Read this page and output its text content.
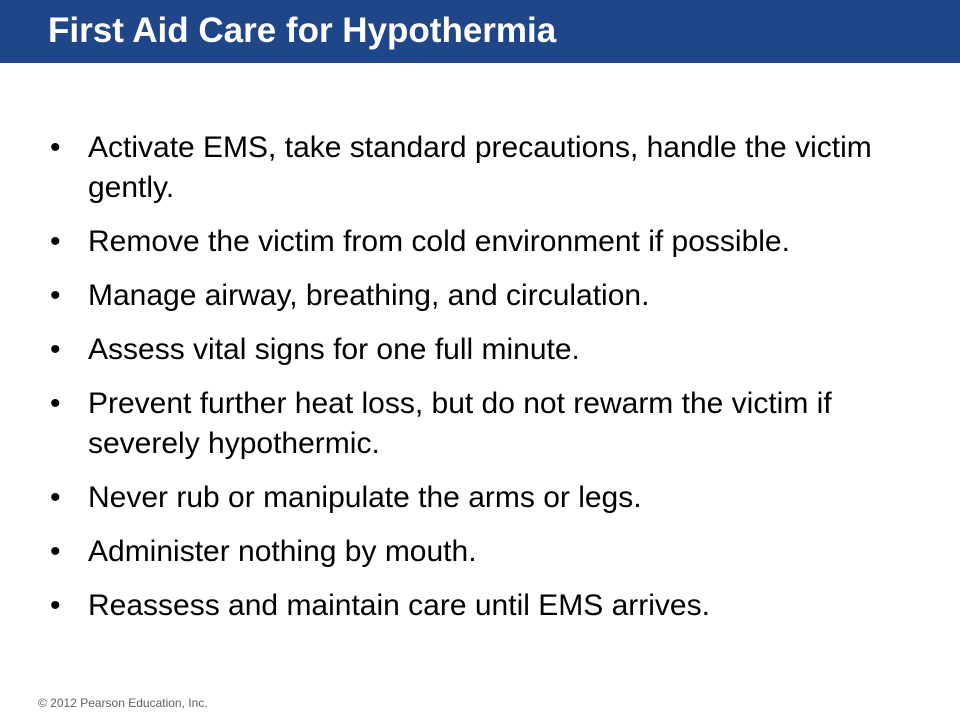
First Aid Care for Hypothermia
• Activate EMS, take standard precautions, handle the victim gently.
• Remove the victim from cold environment if possible.
• Manage airway, breathing, and circulation.
• Assess vital signs for one full minute.
• Prevent further heat loss, but do not rewarm the victim if severely hypothermic.
• Never rub or manipulate the arms or legs.
• Administer nothing by mouth.
• Reassess and maintain care until EMS arrives.
© 2012 Pearson Education, Inc.
